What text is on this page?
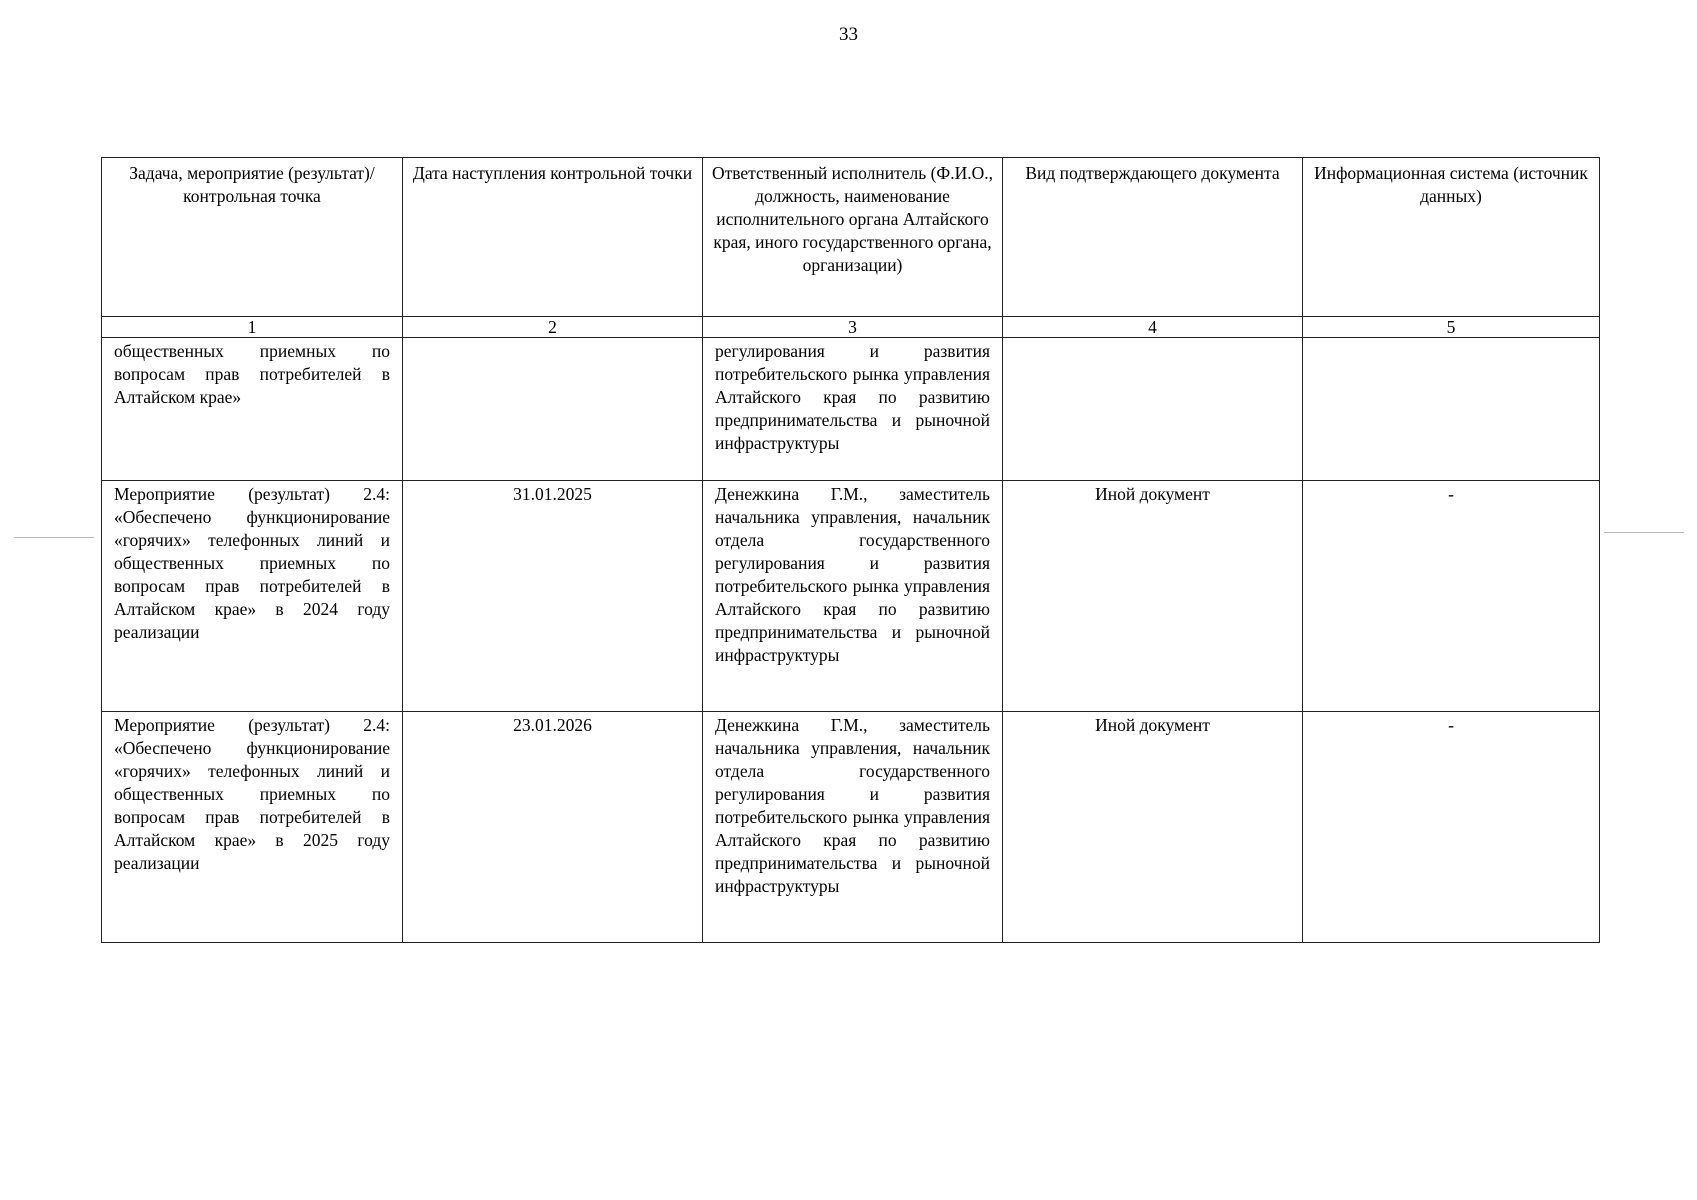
33
Задача, мероприятие (результат)/ контрольная точка	Дата наступления контрольной точки	Ответственный исполнитель (Ф.И.О., должность, наименование исполнительного органа Алтайского края, иного государственного органа, организации)	Вид подтверждающего документа	Информационная система (источник данных)
1	2	3	4	5
общественных приемных по вопросам прав потребителей в Алтайском крае»		регулирования и развития потребительского рынка управления Алтайского края по развитию предпринимательства и рыночной инфраструктуры		
Мероприятие (результат) 2.4: «Обеспечено функционирование «горячих» телефонных линий и общественных приемных по вопросам прав потребителей в Алтайском крае» в 2024 году реализации	31.01.2025	Денежкина Г.М., заместитель начальника управления, начальник отдела государственного регулирования и развития потребительского рынка управления Алтайского края по развитию предпринимательства и рыночной инфраструктуры	Иной документ	-
Мероприятие (результат) 2.4: «Обеспечено функционирование «горячих» телефонных линий и общественных приемных по вопросам прав потребителей в Алтайском крае» в 2025 году реализации	23.01.2026	Денежкина Г.М., заместитель начальника управления, начальник отдела государственного регулирования и развития потребительского рынка управления Алтайского края по развитию предпринимательства и рыночной инфраструктуры	Иной документ	-
